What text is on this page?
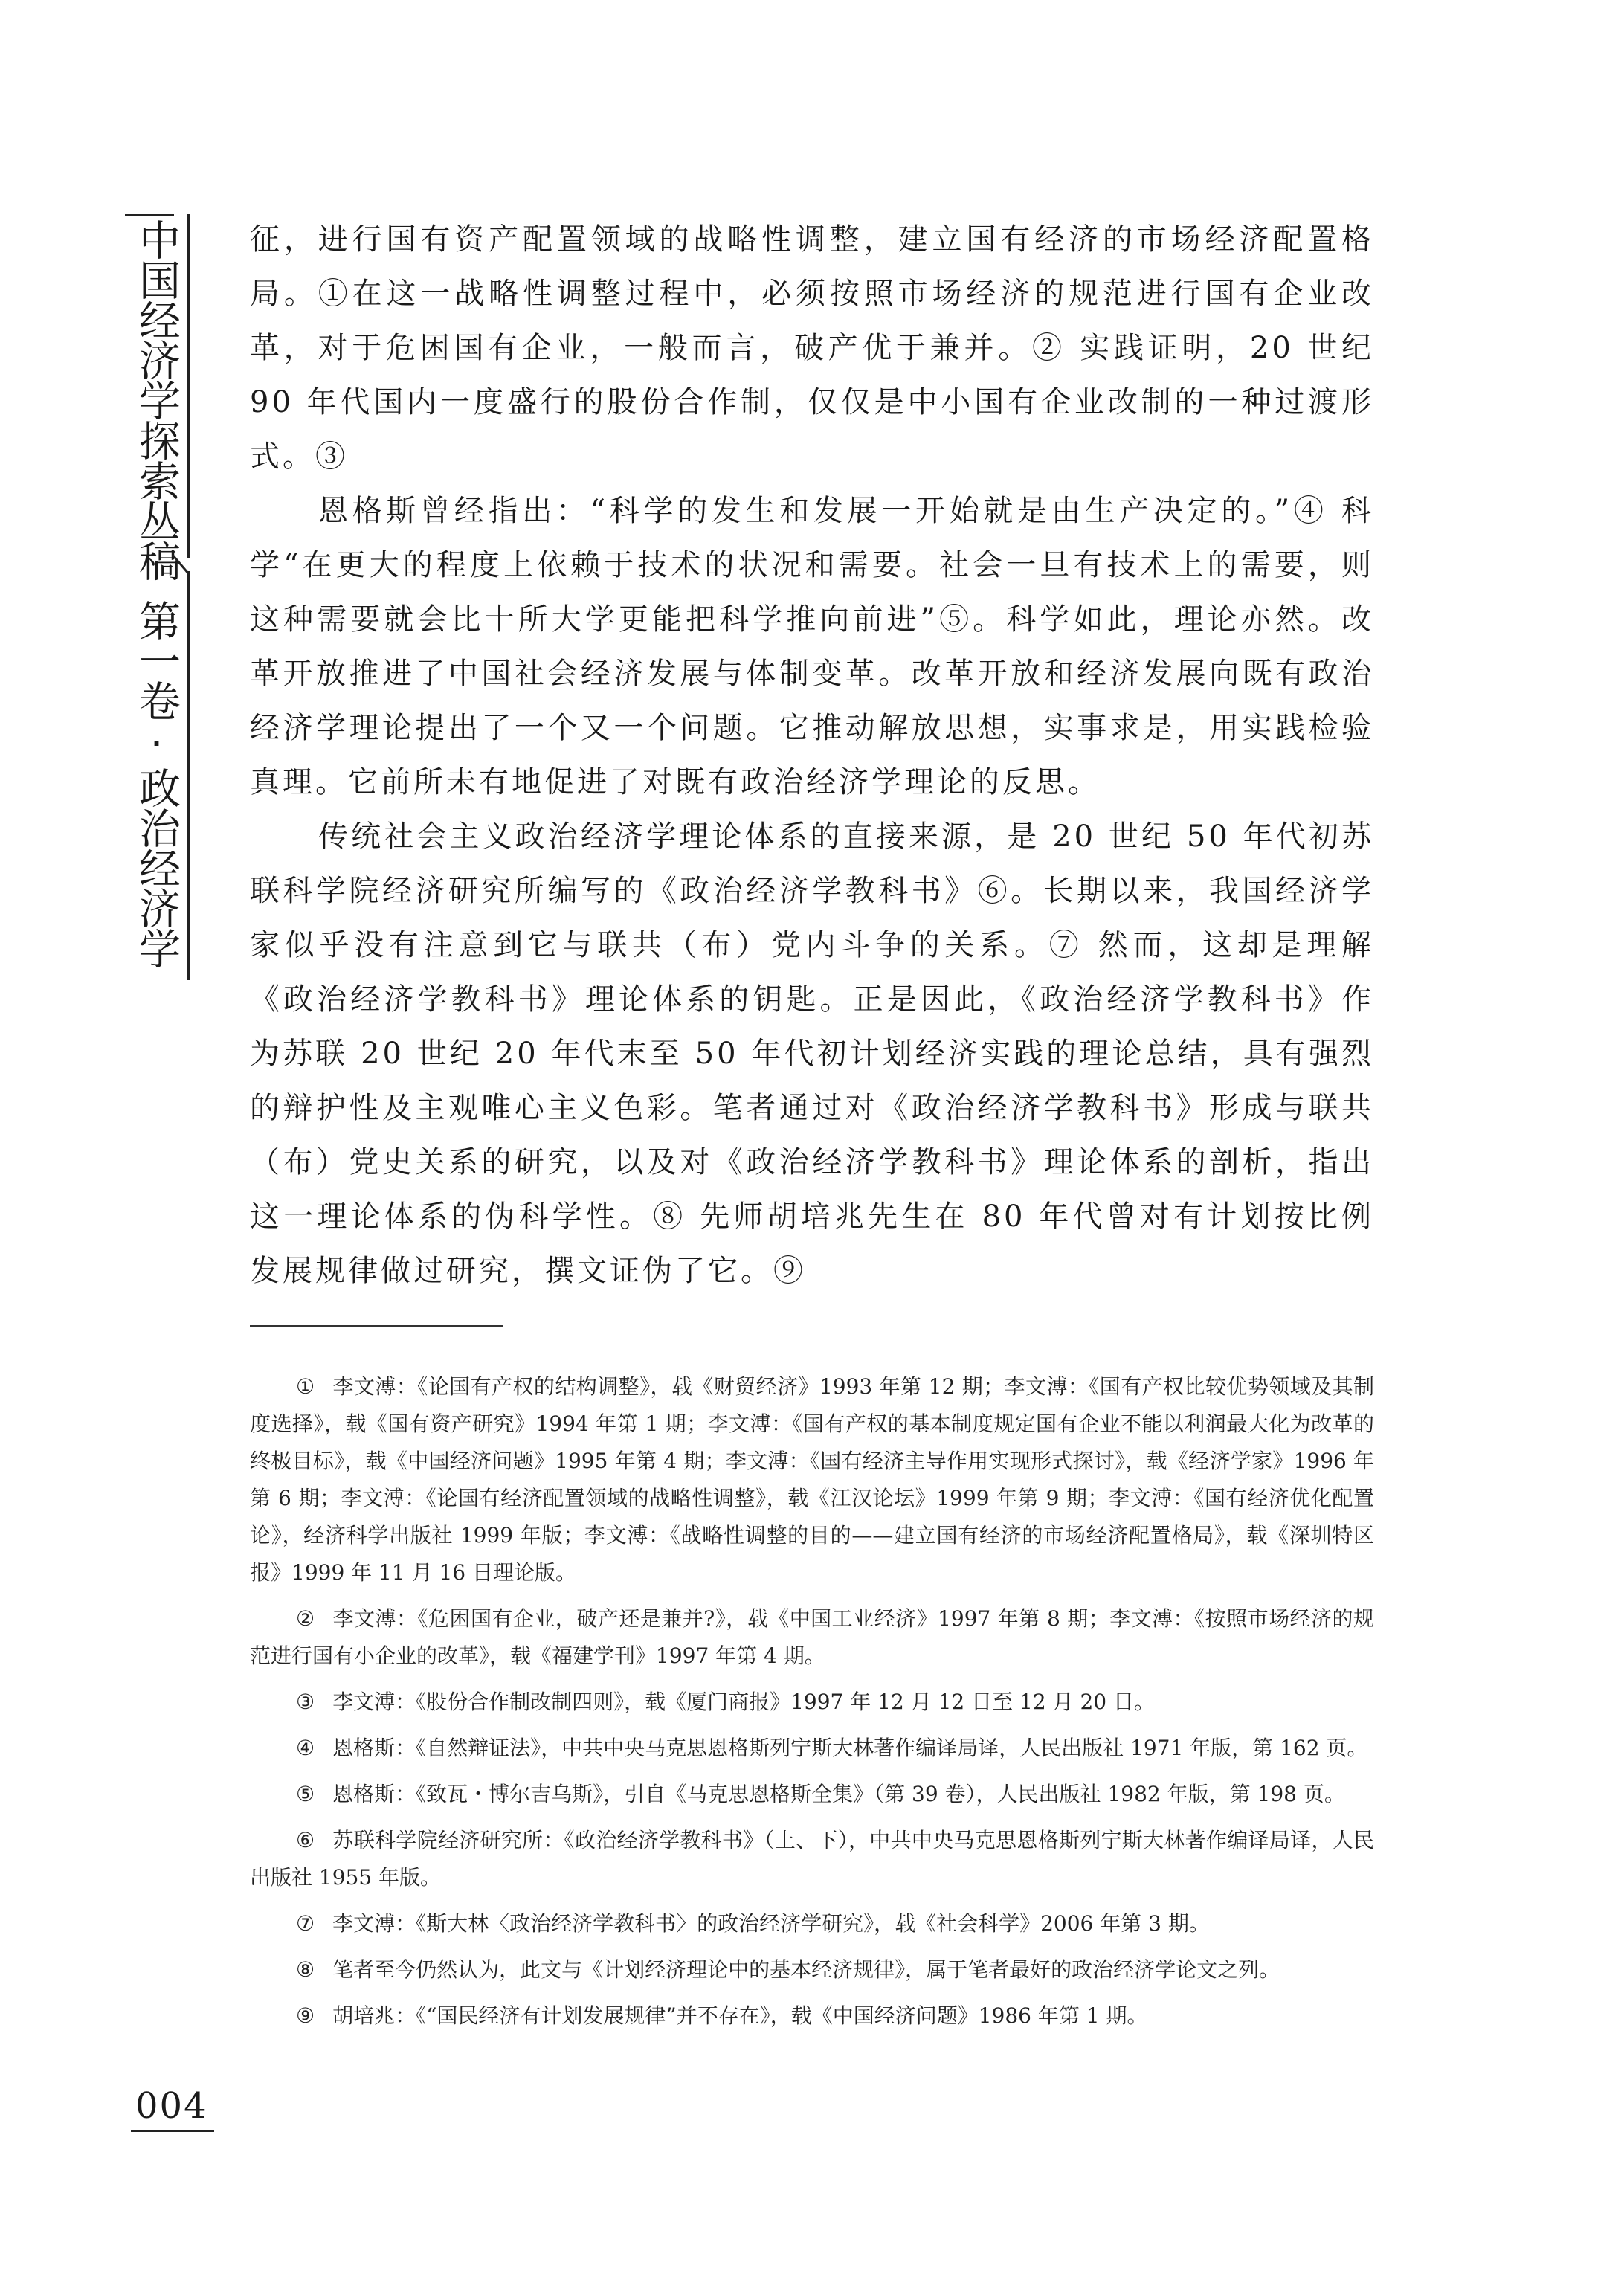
中国经济学探索丛稿
第一卷·政治经济学

征，进行国有资产配置领域的战略性调整，建立国有经济的市场经济配置格局。①在这一战略性调整过程中，必须按照市场经济的规范进行国有企业改革，对于危困国有企业，一般而言，破产优于兼并。② 实践证明，20 世纪 90 年代国内一度盛行的股份合作制，仅仅是中小国有企业改制的一种过渡形式。③

恩格斯曾经指出：“科学的发生和发展一开始就是由生产决定的。”④ 科学“在更大的程度上依赖于技术的状况和需要。社会一旦有技术上的需要，则这种需要就会比十所大学更能把科学推向前进”⑤。科学如此，理论亦然。改革开放推进了中国社会经济发展与体制变革。改革开放和经济发展向既有政治经济学理论提出了一个又一个问题。它推动解放思想，实事求是，用实践检验真理。它前所未有地促进了对既有政治经济学理论的反思。

传统社会主义政治经济学理论体系的直接来源，是 20 世纪 50 年代初苏联科学院经济研究所编写的《政治经济学教科书》⑥。长期以来，我国经济学家似乎没有注意到它与联共（布）党内斗争的关系。⑦ 然而，这却是理解《政治经济学教科书》理论体系的钥匙。正是因此，《政治经济学教科书》作为苏联 20 世纪 20 年代末至 50 年代初计划经济实践的理论总结，具有强烈的辩护性及主观唯心主义色彩。笔者通过对《政治经济学教科书》形成与联共（布）党史关系的研究，以及对《政治经济学教科书》理论体系的剖析，指出这一理论体系的伪科学性。⑧ 先师胡培兆先生在 80 年代曾对有计划按比例发展规律做过研究，撰文证伪了它。⑨

① 李文溥：《论国有产权的结构调整》，载《财贸经济》1993 年第 12 期；李文溥：《国有产权比较优势领域及其制度选择》，载《国有资产研究》1994 年第 1 期；李文溥：《国有产权的基本制度规定国有企业不能以利润最大化为改革的终极目标》，载《中国经济问题》1995 年第 4 期；李文溥：《国有经济主导作用实现形式探讨》，载《经济学家》1996 年第 6 期；李文溥：《论国有经济配置领域的战略性调整》，载《江汉论坛》1999 年第 9 期；李文溥：《国有经济优化配置论》，经济科学出版社 1999 年版；李文溥：《战略性调整的目的——建立国有经济的市场经济配置格局》，载《深圳特区报》1999 年 11 月 16 日理论版。

② 李文溥：《危困国有企业，破产还是兼并?》，载《中国工业经济》1997 年第 8 期；李文溥：《按照市场经济的规范进行国有小企业的改革》，载《福建学刊》1997 年第 4 期。

③ 李文溥：《股份合作制改制四则》，载《厦门商报》1997 年 12 月 12 日至 12 月 20 日。

④ 恩格斯：《自然辩证法》，中共中央马克思恩格斯列宁斯大林著作编译局译，人民出版社 1971 年版，第 162 页。

⑤ 恩格斯：《致瓦・博尔吉乌斯》，引自《马克思恩格斯全集》（第 39 卷），人民出版社 1982 年版，第 198 页。

⑥ 苏联科学院经济研究所：《政治经济学教科书》（上、下），中共中央马克思恩格斯列宁斯大林著作编译局译，人民出版社 1955 年版。

⑦ 李文溥：《斯大林〈政治经济学教科书〉的政治经济学研究》，载《社会科学》2006 年第 3 期。

⑧ 笔者至今仍然认为，此文与《计划经济理论中的基本经济规律》，属于笔者最好的政治经济学论文之列。

⑨ 胡培兆：《“国民经济有计划发展规律”并不存在》，载《中国经济问题》1986 年第 1 期。

004
